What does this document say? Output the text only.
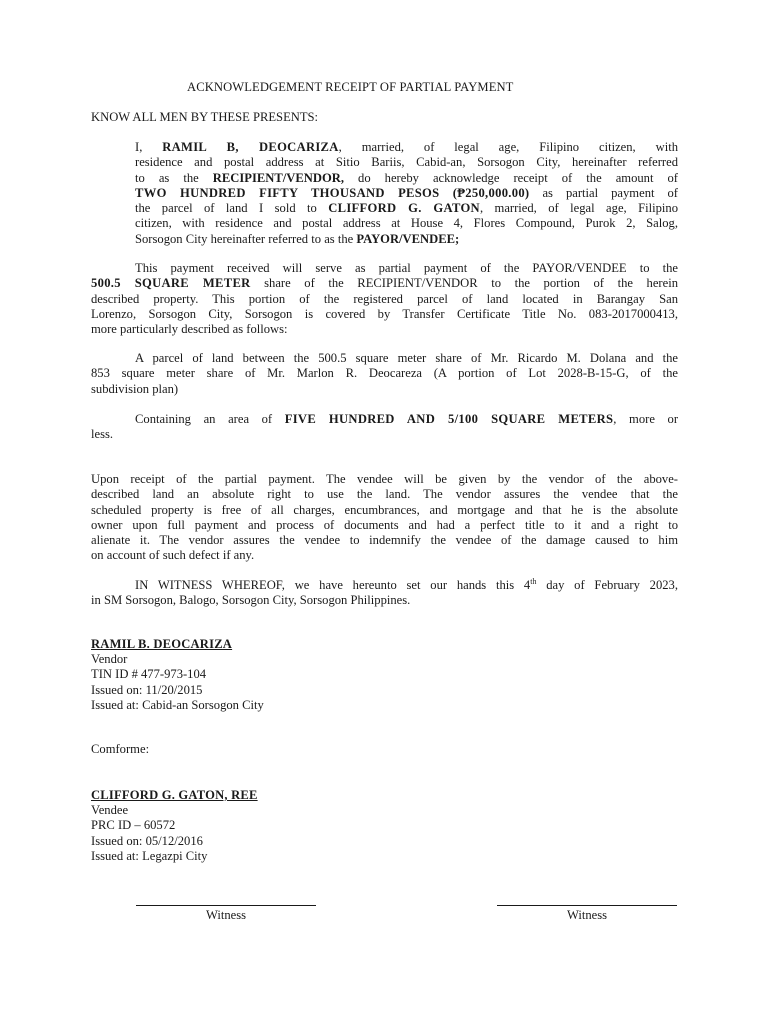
ACKNOWLEDGEMENT RECEIPT OF PARTIAL PAYMENT
KNOW ALL MEN BY THESE PRESENTS:
I, RAMIL B, DEOCARIZA, married, of legal age, Filipino citizen, with
residence and postal address at Sitio Bariis, Cabid-an, Sorsogon City, hereinafter referred
to as the RECIPIENT/VENDOR, do hereby acknowledge receipt of the amount of
TWO HUNDRED FIFTY THOUSAND PESOS (₱250,000.00) as partial payment of
the parcel of land I sold to CLIFFORD G. GATON, married, of legal age, Filipino
citizen, with residence and postal address at House 4, Flores Compound, Purok 2, Salog,
Sorsogon City hereinafter referred to as the PAYOR/VENDEE;
This payment received will serve as partial payment of the PAYOR/VENDEE to the
500.5 SQUARE METER share of the RECIPIENT/VENDOR to the portion of the herein
described property. This portion of the registered parcel of land located in Barangay San
Lorenzo, Sorsogon City, Sorsogon is covered by Transfer Certificate Title No. 083-2017000413,
more particularly described as follows:
A parcel of land between the 500.5 square meter share of Mr. Ricardo M. Dolana and the
853 square meter share of Mr. Marlon R. Deocareza (A portion of Lot 2028-B-15-G, of the
subdivision plan)
Containing an area of FIVE HUNDRED AND 5/100 SQUARE METERS, more or
less.
Upon receipt of the partial payment. The vendee will be given by the vendor of the above-
described land an absolute right to use the land. The vendor assures the vendee that the
scheduled property is free of all charges, encumbrances, and mortgage and that he is the absolute
owner upon full payment and process of documents and had a perfect title to it and a right to
alienate it. The vendor assures the vendee to indemnify the vendee of the damage caused to him
on account of such defect if any.
IN WITNESS WHEREOF, we have hereunto set our hands this 4th day of February 2023,
in SM Sorsogon, Balogo, Sorsogon City, Sorsogon Philippines.
RAMIL B. DEOCARIZA
Vendor
TIN ID # 477-973-104
Issued on: 11/20/2015
Issued at: Cabid-an Sorsogon City
Comforme:
CLIFFORD G. GATON, REE
Vendee
PRC ID – 60572
Issued on: 05/12/2016
Issued at: Legazpi City
Witness	Witness
